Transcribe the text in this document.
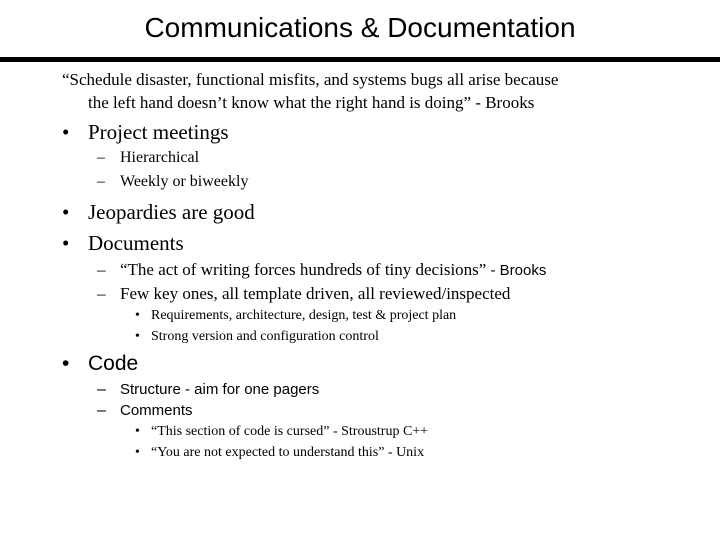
Communications & Documentation
“Schedule disaster, functional misfits, and systems bugs all arise because
the left hand doesn’t know what the right hand is doing” - Brooks
• Project meetings
– Hierarchical
– Weekly or biweekly
• Jeopardies are good
• Documents
– “The act of writing forces hundreds of tiny decisions” - Brooks
– Few key ones, all template driven, all reviewed/inspected
• Requirements, architecture, design, test & project plan
• Strong version and configuration control
• Code
– Structure - aim for one pagers
– Comments
• “This section of code is cursed” - Stroustrup C++
• “You are not expected to understand this” - Unix
